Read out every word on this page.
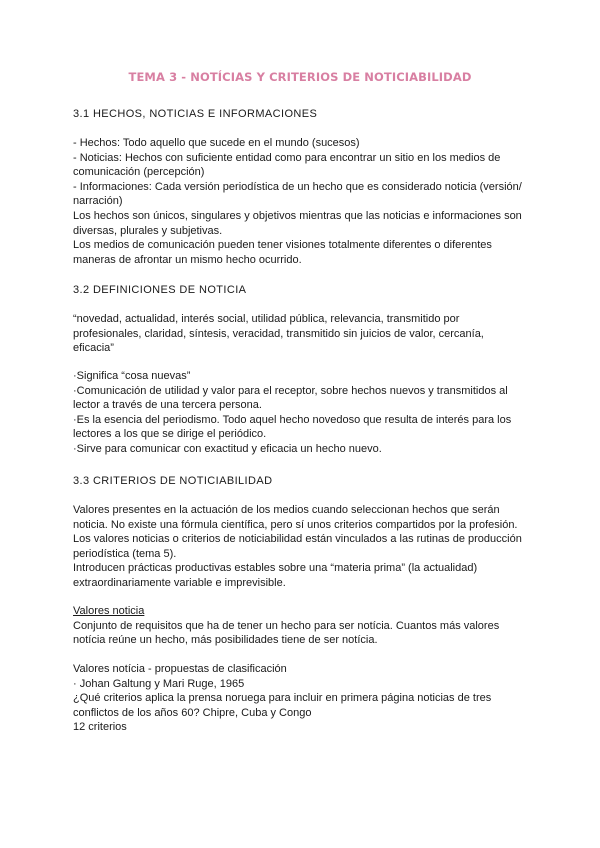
TEMA 3 - NOTÍCIAS Y CRITERIOS DE NOTICIABILIDAD
3.1 HECHOS, NOTICIAS E INFORMACIONES
- Hechos: Todo aquello que sucede en el mundo (sucesos)
- Noticias: Hechos con suficiente entidad como para encontrar un sitio en los medios de
comunicación (percepción)
- Informaciones: Cada versión periodística de un hecho que es considerado noticia (versión/
narración)
Los hechos son únicos, singulares y objetivos mientras que las noticias e informaciones son
diversas, plurales y subjetivas.
Los medios de comunicación pueden tener visiones totalmente diferentes o diferentes
maneras de afrontar un mismo hecho ocurrido.
3.2 DEFINICIONES DE NOTICIA
“novedad, actualidad, interés social, utilidad pública, relevancia, transmitido por
profesionales, claridad, síntesis, veracidad, transmitido sin juicios de valor, cercanía,
eficacia”
·Significa “cosa nuevas”
·Comunicación de utilidad y valor para el receptor, sobre hechos nuevos y transmitidos al
lector a través de una tercera persona.
·Es la esencia del periodismo. Todo aquel hecho novedoso que resulta de interés para los
lectores a los que se dirige el periódico.
·Sirve para comunicar con exactitud y eficacia un hecho nuevo.
3.3 CRITERIOS DE NOTICIABILIDAD
Valores presentes en la actuación de los medios cuando seleccionan hechos que serán
noticia. No existe una fórmula científica, pero sí unos criterios compartidos por la profesión.
Los valores noticias o criterios de noticiabilidad están vinculados a las rutinas de producción
periodística (tema 5).
Introducen prácticas productivas estables sobre una “materia prima” (la actualidad)
extraordinariamente variable e imprevisible.
Valores noticia
Conjunto de requisitos que ha de tener un hecho para ser notícia. Cuantos más valores
notícia reúne un hecho, más posibilidades tiene de ser notícia.
Valores notícia - propuestas de clasificación
· Johan Galtung y Mari Ruge, 1965
¿Qué criterios aplica la prensa noruega para incluir en primera página noticias de tres
conflictos de los años 60? Chipre, Cuba y Congo
12 criterios
